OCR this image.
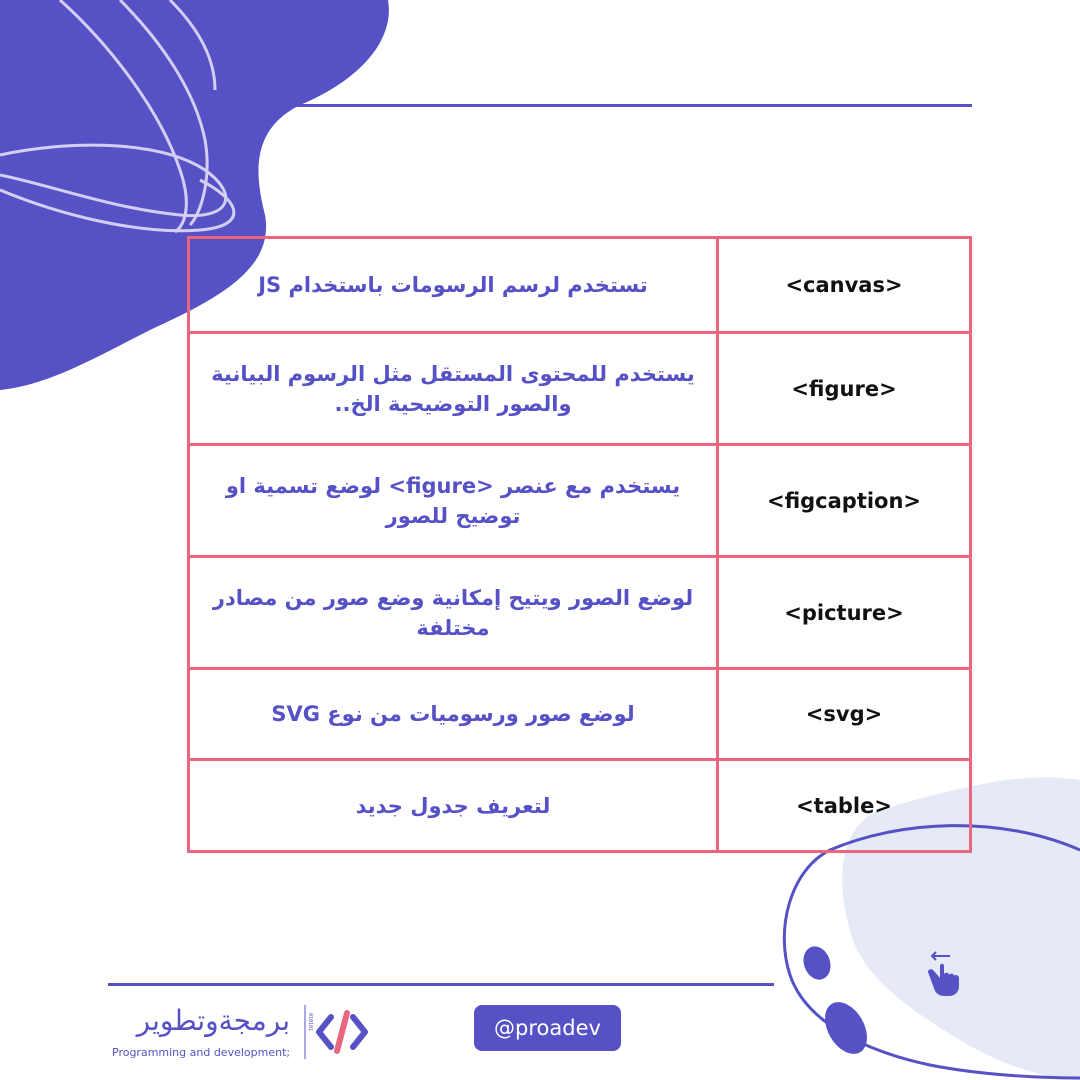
تستخدم لرسم الرسومات باستخدام JS	<canvas>
يستخدم للمحتوى المستقل مثل الرسوم البيانية والصور التوضيحية الخ..	<figure>
يستخدم مع عنصر <figure> لوضع تسمية او توضيح للصور	<figcaption>
لوضع الصور ويتيح إمكانية وضع صور من مصادر مختلفة	<picture>
لوضع صور ورسوميات من نوع SVG	<svg>
لتعريف جدول جديد	<table>
برمجةوتطوير
Programming and development;
010101	@proadev
